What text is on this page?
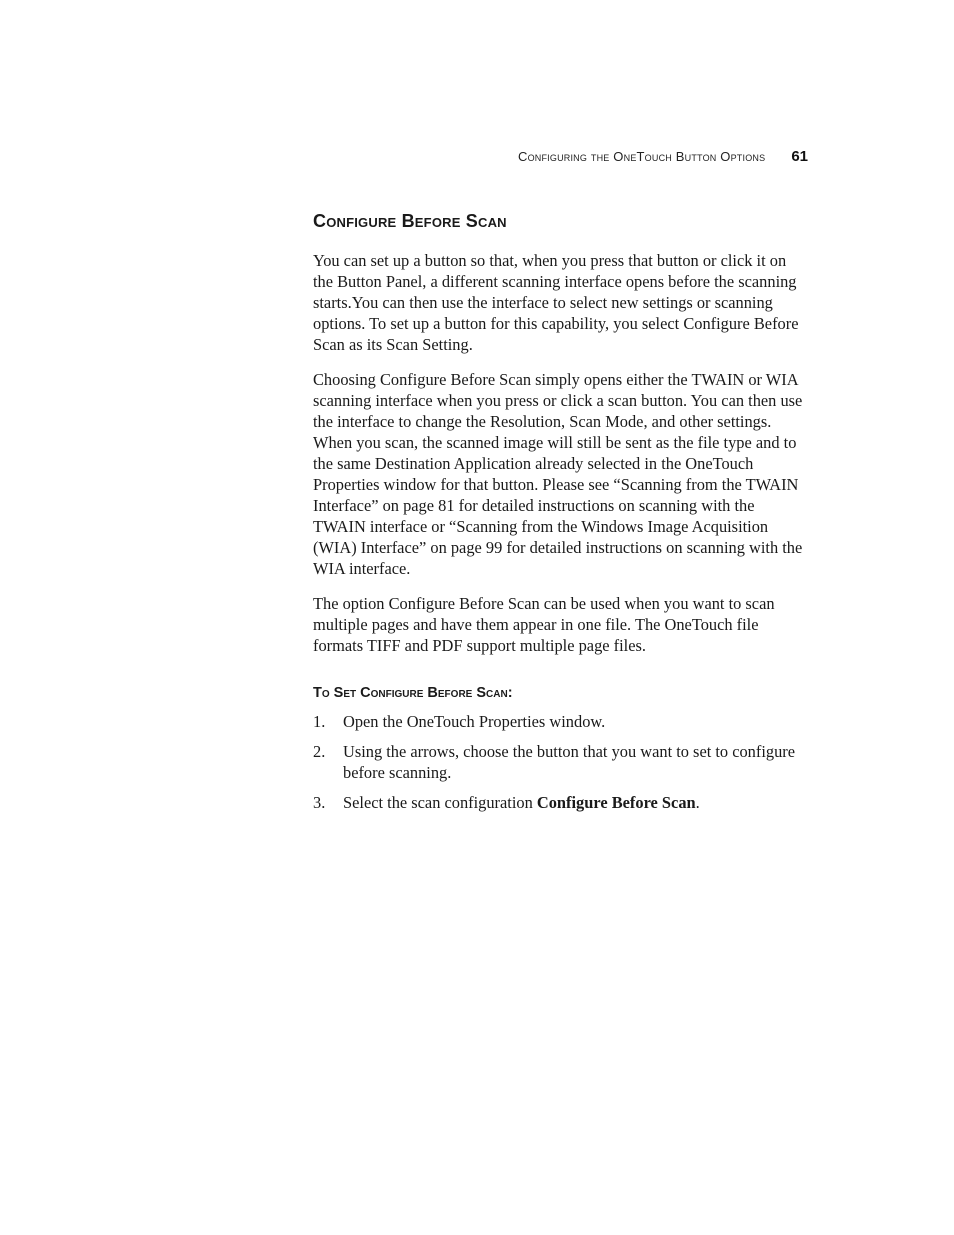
Configuring the OneTouch Button Options 61
Configure Before Scan

You can set up a button so that, when you press that button or click it on the Button Panel, a different scanning interface opens before the scanning starts.You can then use the interface to select new settings or scanning options. To set up a button for this capability, you select Configure Before Scan as its Scan Setting.

Choosing Configure Before Scan simply opens either the TWAIN or WIA scanning interface when you press or click a scan button. You can then use the interface to change the Resolution, Scan Mode, and other settings. When you scan, the scanned image will still be sent as the file type and to the same Destination Application already selected in the OneTouch Properties window for that button. Please see “Scanning from the TWAIN Interface” on page 81 for detailed instructions on scanning with the TWAIN interface or “Scanning from the Windows Image Acquisition (WIA) Interface” on page 99 for detailed instructions on scanning with the WIA interface.

The option Configure Before Scan can be used when you want to scan multiple pages and have them appear in one file. The OneTouch file formats TIFF and PDF support multiple page files.

To Set Configure Before Scan:
1.	Open the OneTouch Properties window.
2.	Using the arrows, choose the button that you want to set to configure before scanning.
3.	Select the scan configuration Configure Before Scan.
